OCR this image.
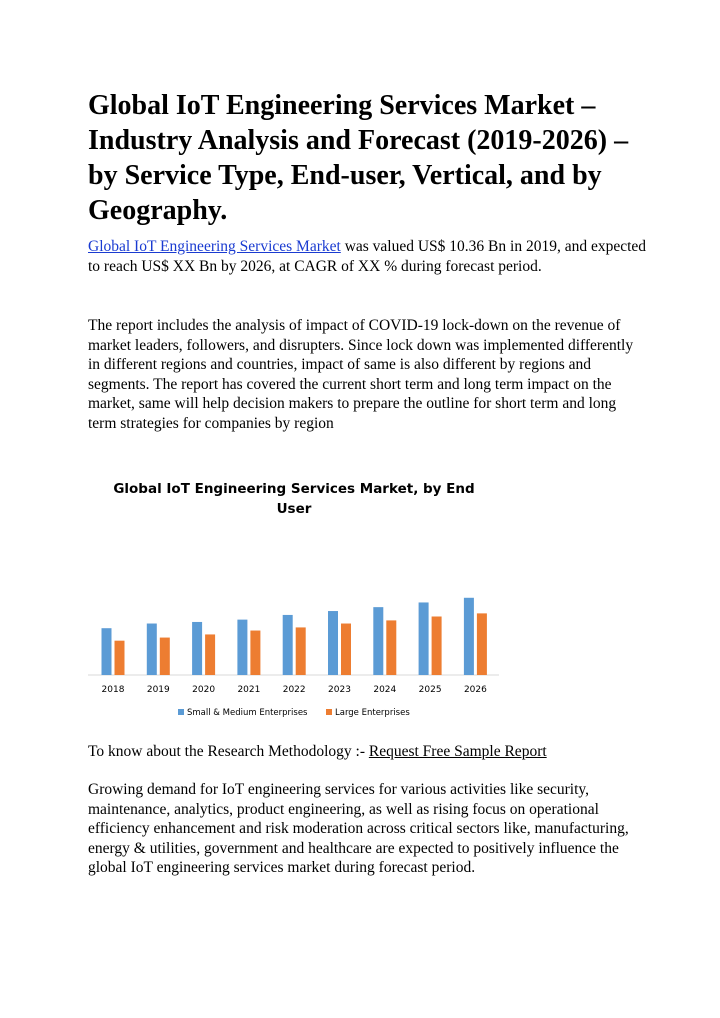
Global IoT Engineering Services Market – Industry Analysis and Forecast (2019-2026) – by Service Type, End-user, Vertical, and by Geography.

Global IoT Engineering Services Market was valued US$ 10.36 Bn in 2019, and expected to reach US$ XX Bn by 2026, at CAGR of XX % during forecast period.

The report includes the analysis of impact of COVID-19 lock-down on the revenue of market leaders, followers, and disrupters. Since lock down was implemented differently in different regions and countries, impact of same is also different by regions and segments. The report has covered the current short term and long term impact on the market, same will help decision makers to prepare the outline for short term and long term strategies for companies by region

Global IoT Engineering Services Market, by End
User
2018 2019 2020 2021 2022 2023 2024 2025 2026
Small & Medium Enterprises	Large Enterprises

To know about the Research Methodology :- Request Free Sample Report

Growing demand for IoT engineering services for various activities like security, maintenance, analytics, product engineering, as well as rising focus on operational efficiency enhancement and risk moderation across critical sectors like, manufacturing, energy & utilities, government and healthcare are expected to positively influence the global IoT engineering services market during forecast period.
